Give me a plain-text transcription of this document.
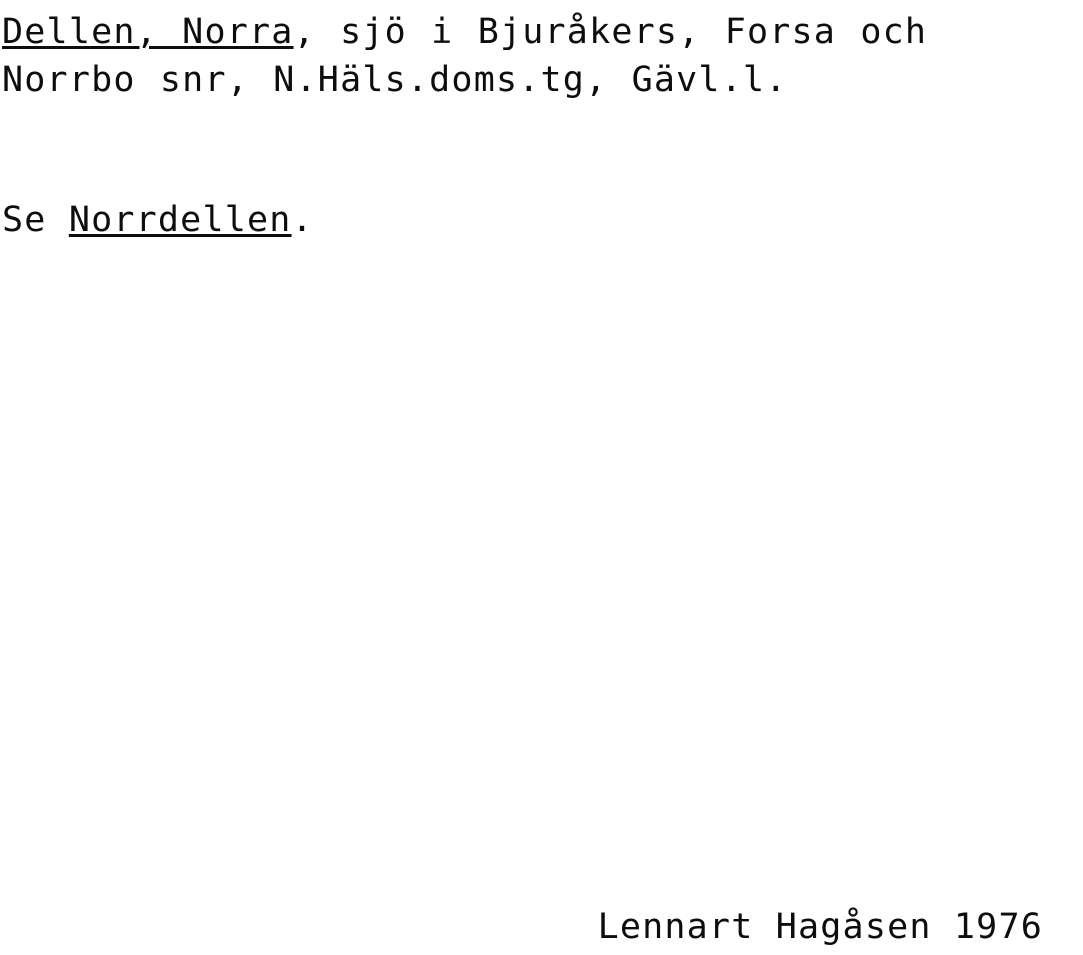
Dellen, Norra, sjö i Bjuråkers, Forsa och
Norrbo snr, N.Häls.doms.tg, Gävl.l.
Se Norrdellen.
Lennart Hagåsen 1976
